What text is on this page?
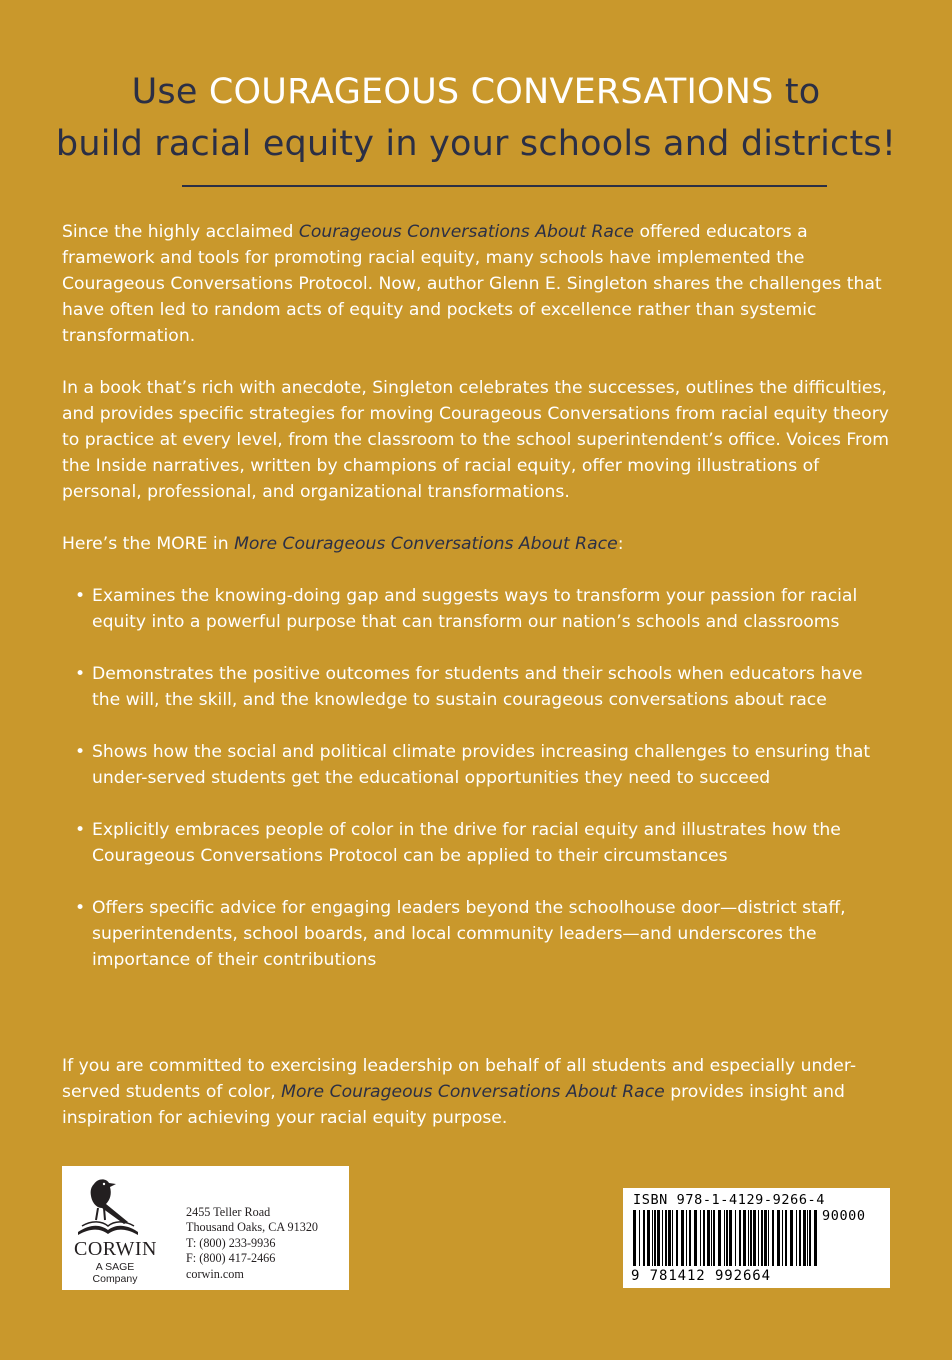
Use COURAGEOUS CONVERSATIONS to
build racial equity in your schools and districts!

Since the highly acclaimed Courageous Conversations About Race offered educators a framework and tools for promoting racial equity, many schools have implemented the Courageous Conversations Protocol. Now, author Glenn E. Singleton shares the challenges that have often led to random acts of equity and pockets of excellence rather than systemic transformation.

In a book that’s rich with anecdote, Singleton celebrates the successes, outlines the difficulties, and provides specific strategies for moving Courageous Conversations from racial equity theory to practice at every level, from the classroom to the school superintendent’s office. Voices From the Inside narratives, written by champions of racial equity, offer moving illustrations of personal, professional, and organizational transformations.

Here’s the MORE in More Courageous Conversations About Race:

• Examines the knowing-doing gap and suggests ways to transform your passion for racial equity into a powerful purpose that can transform our nation’s schools and classrooms
• Demonstrates the positive outcomes for students and their schools when educators have the will, the skill, and the knowledge to sustain courageous conversations about race
• Shows how the social and political climate provides increasing challenges to ensuring that under-served students get the educational opportunities they need to succeed
• Explicitly embraces people of color in the drive for racial equity and illustrates how the Courageous Conversations Protocol can be applied to their circumstances
• Offers specific advice for engaging leaders beyond the schoolhouse door—district staff, superintendents, school boards, and local community leaders—and underscores the importance of their contributions

If you are committed to exercising leadership on behalf of all students and especially under-served students of color, More Courageous Conversations About Race provides insight and inspiration for achieving your racial equity purpose.

CORWIN
A SAGE Company
2455 Teller Road
Thousand Oaks, CA 91320
T: (800) 233-9936
F: (800) 417-2466
corwin.com
ISBN 978-1-4129-9266-4
90000
9 781412 992664
